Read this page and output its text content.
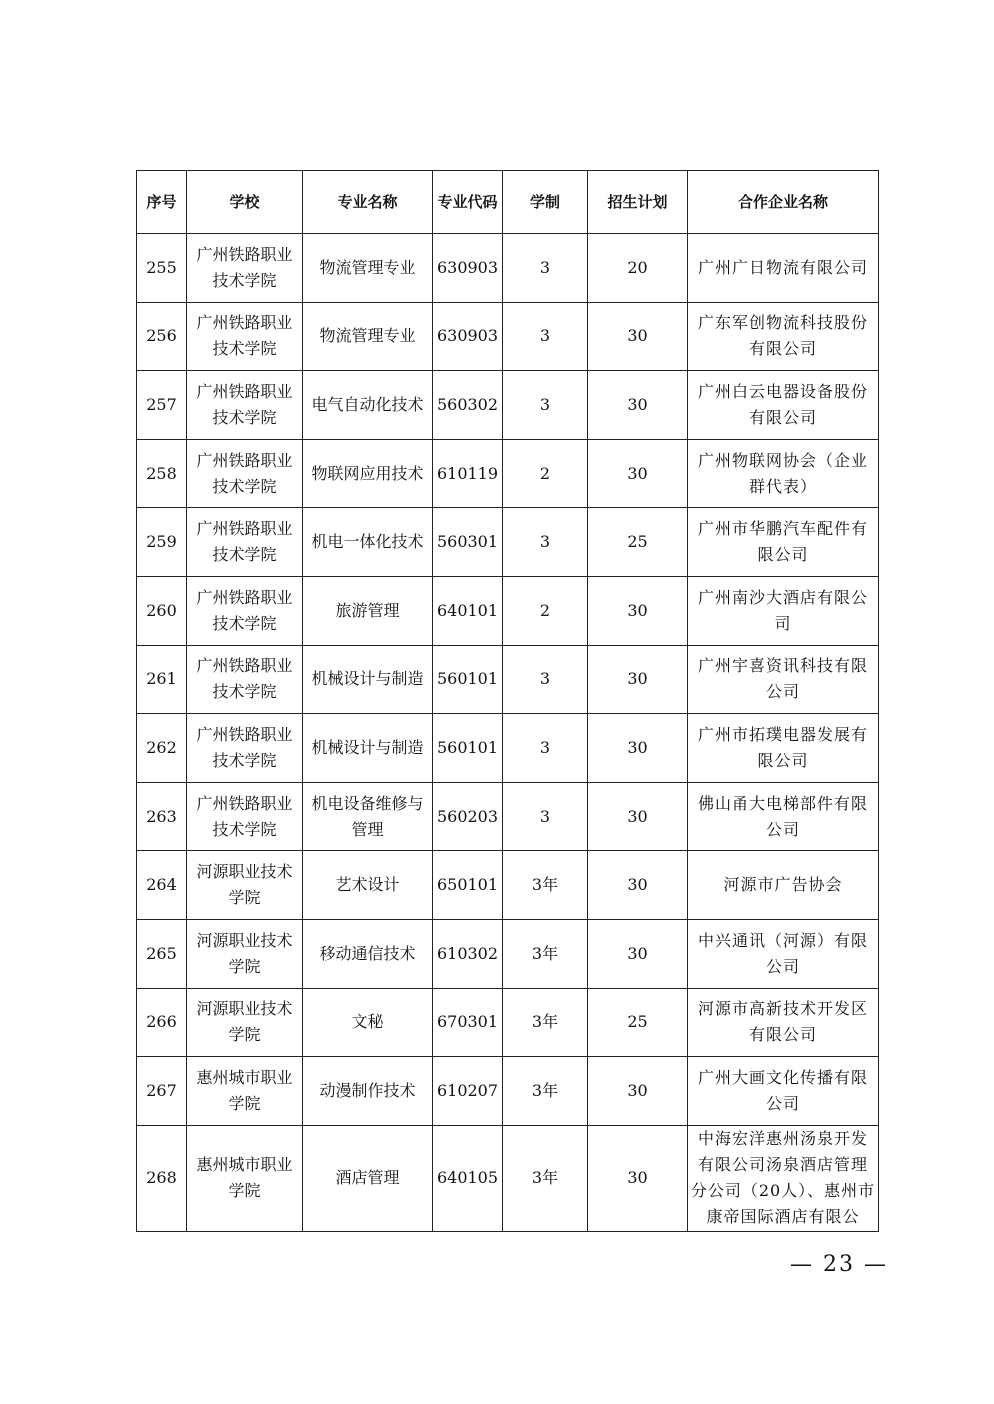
序号	学校	专业名称	专业代码	学制	招生计划	合作企业名称
255	广州铁路职业技术学院	物流管理专业	630903	3	20	广州广日物流有限公司
256	广州铁路职业技术学院	物流管理专业	630903	3	30	广东军创物流科技股份有限公司
257	广州铁路职业技术学院	电气自动化技术	560302	3	30	广州白云电器设备股份有限公司
258	广州铁路职业技术学院	物联网应用技术	610119	2	30	广州物联网协会（企业群代表）
259	广州铁路职业技术学院	机电一体化技术	560301	3	25	广州市华鹏汽车配件有限公司
260	广州铁路职业技术学院	旅游管理	640101	2	30	广州南沙大酒店有限公司
261	广州铁路职业技术学院	机械设计与制造	560101	3	30	广州宇喜资讯科技有限公司
262	广州铁路职业技术学院	机械设计与制造	560101	3	30	广州市拓璞电器发展有限公司
263	广州铁路职业技术学院	机电设备维修与管理	560203	3	30	佛山甬大电梯部件有限公司
264	河源职业技术学院	艺术设计	650101	3年	30	河源市广告协会
265	河源职业技术学院	移动通信技术	610302	3年	30	中兴通讯（河源）有限公司
266	河源职业技术学院	文秘	670301	3年	25	河源市高新技术开发区有限公司
267	惠州城市职业学院	动漫制作技术	610207	3年	30	广州大画文化传播有限公司
268	惠州城市职业学院	酒店管理	640105	3年	30	中海宏洋惠州汤泉开发有限公司汤泉酒店管理分公司（20人）、惠州市康帝国际酒店有限公
— 23 —
